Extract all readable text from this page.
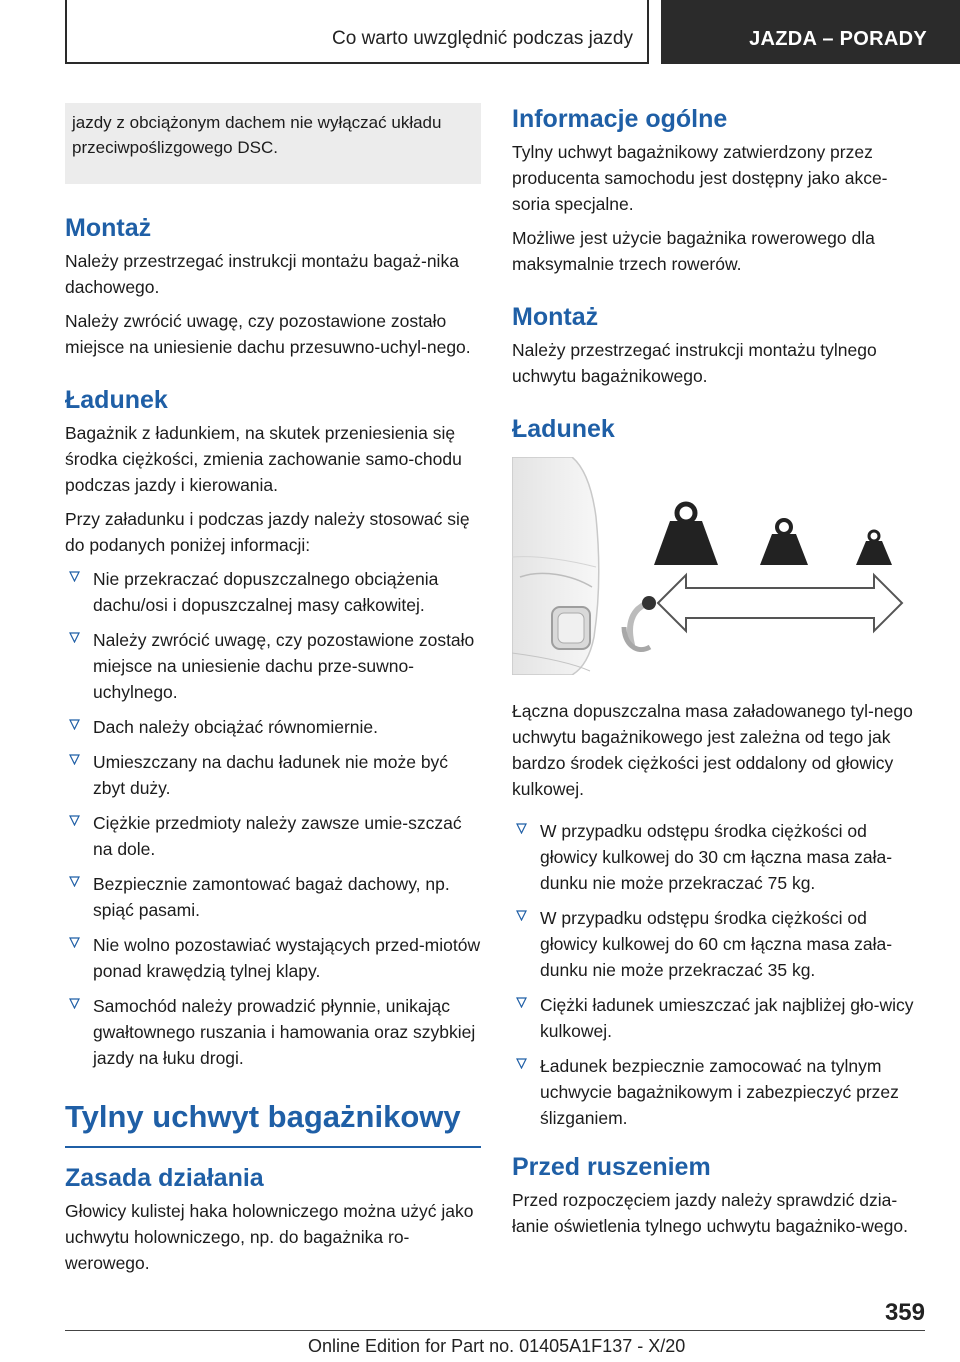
Co warto uwzględnić podczas jazdy	JAZDA – PORADY
jazdy z obciążonym dachem nie wyłączać układu przeciwpoślizgowego DSC.
Montaż

Należy przestrzegać instrukcji montażu bagaż‐nika dachowego.

Należy zwrócić uwagę, czy pozostawione zostało miejsce na uniesienie dachu przesuwno-uchyl‐nego.

Ładunek

Bagażnik z ładunkiem, na skutek przeniesienia się środka ciężkości, zmienia zachowanie samo‐chodu podczas jazdy i kierowania.

Przy załadunku i podczas jazdy należy stosować się do podanych poniżej informacji:

Nie przekraczać dopuszczalnego obciążenia dachu/osi i dopuszczalnej masy całkowitej.
Należy zwrócić uwagę, czy pozostawione zostało miejsce na uniesienie dachu prze‐suwno-uchylnego.
Dach należy obciążać równomiernie.
Umieszczany na dachu ładunek nie może być zbyt duży.
Ciężkie przedmioty należy zawsze umie‐szczać na dole.
Bezpiecznie zamontować bagaż dachowy, np. spiąć pasami.
Nie wolno pozostawiać wystających przed‐miotów ponad krawędzią tylnej klapy.
Samochód należy prowadzić płynnie, unikając gwałtownego ruszania i hamowania oraz szybkiej jazdy na łuku drogi.
Tylny uchwyt bagażnikowy
Zasada działania

Głowicy kulistej haka holowniczego można użyć jako uchwytu holowniczego, np. do bagażnika ro‐werowego.

Informacje ogólne

Tylny uchwyt bagażnikowy zatwierdzony przez producenta samochodu jest dostępny jako akce‐soria specjalne.

Możliwe jest użycie bagażnika rowerowego dla maksymalnie trzech rowerów.

Montaż

Należy przestrzegać instrukcji montażu tylnego uchwytu bagażnikowego.

Ładunek

Łączna dopuszczalna masa załadowanego tyl‐nego uchwytu bagażnikowego jest zależna od tego jak bardzo środek ciężkości jest oddalony od głowicy kulkowej.

W przypadku odstępu środka ciężkości od głowicy kulkowej do 30 cm łączna masa zała‐dunku nie może przekraczać 75 kg.
W przypadku odstępu środka ciężkości od głowicy kulkowej do 60 cm łączna masa zała‐dunku nie może przekraczać 35 kg.
Ciężki ładunek umieszczać jak najbliżej gło‐wicy kulkowej.
Ładunek bezpiecznie zamocować na tylnym uchwycie bagażnikowym i zabezpieczyć przez ślizganiem.
Przed ruszeniem

Przed rozpoczęciem jazdy należy sprawdzić dzia‐łanie oświetlenia tylnego uchwytu bagażniko‐wego.

359
Online Edition for Part no. 01405A1F137 - X/20
